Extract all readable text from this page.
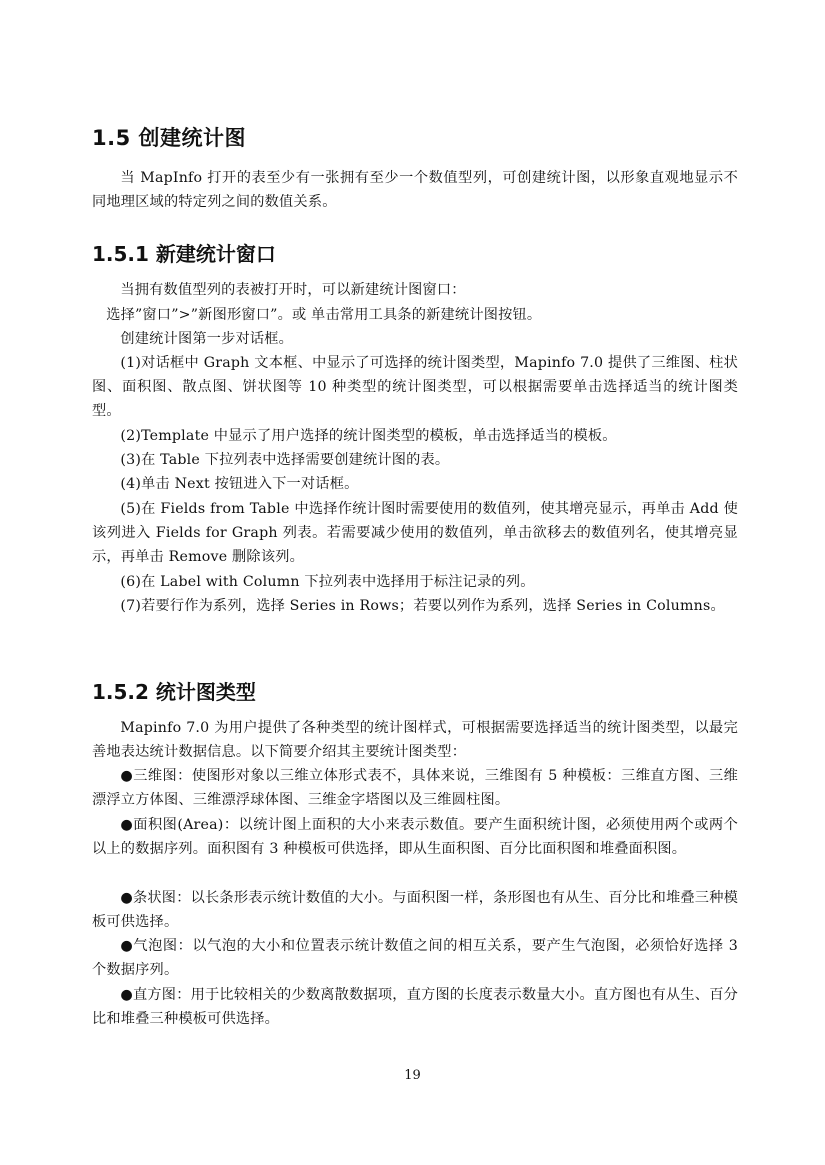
1.5 创建统计图

当 MapInfo 打开的表至少有一张拥有至少一个数值型列，可创建统计图，以形象直观地显示不同地理区域的特定列之间的数值关系。

1.5.1 新建统计窗口

当拥有数值型列的表被打开时，可以新建统计图窗口：

选择”窗口”>”新图形窗口”。或 单击常用工具条的新建统计图按钮。

创建统计图第一步对话框。

(1)对话框中 Graph 文本框、中显示了可选择的统计图类型，Mapinfo 7.0 提供了三维图、柱状图、面积图、散点图、饼状图等 10 种类型的统计图类型，可以根据需要单击选择适当的统计图类型。

(2)Template 中显示了用户选择的统计图类型的模板，单击选择适当的模板。

(3)在 Table 下拉列表中选择需要创建统计图的表。

(4)单击 Next 按钮进入下一对话框。

(5)在 Fields from Table 中选择作统计图时需要使用的数值列，使其增亮显示，再单击 Add 使该列进入 Fields for Graph 列表。若需要减少使用的数值列，单击欲移去的数值列名，使其增亮显示，再单击 Remove 删除该列。

(6)在 Label with Column 下拉列表中选择用于标注记录的列。

(7)若要行作为系列，选择 Series in Rows；若要以列作为系列，选择 Series in Columns。

1.5.2 统计图类型

Mapinfo 7.0 为用户提供了各种类型的统计图样式，可根据需要选择适当的统计图类型，以最完善地表达统计数据信息。以下简要介绍其主要统计图类型：

●三维图：使图形对象以三维立体形式表不，具体来说，三维图有 5 种模板：三维直方图、三维漂浮立方体图、三维漂浮球体图、三维金字塔图以及三维圆柱图。

●面积图(Area)：以统计图上面积的大小来表示数值。要产生面积统计图，必须使用两个或两个以上的数据序列。面积图有 3 种模板可供选择，即从生面积图、百分比面积图和堆叠面积图。

●条状图：以长条形表示统计数值的大小。与面积图一样，条形图也有从生、百分比和堆叠三种模板可供选择。

●气泡图：以气泡的大小和位置表示统计数值之间的相互关系，要产生气泡图，必须恰好选择 3 个数据序列。

●直方图：用于比较相关的少数离散数据项，直方图的长度表示数量大小。直方图也有从生、百分比和堆叠三种模板可供选择。

19
